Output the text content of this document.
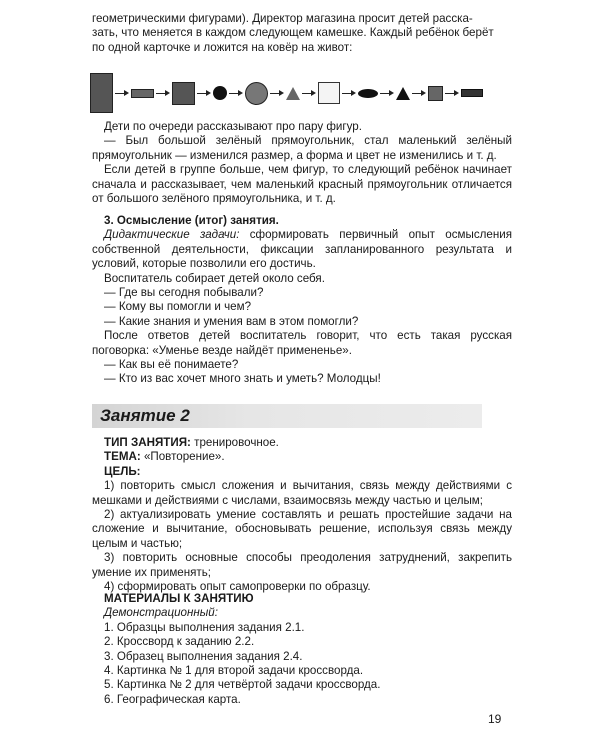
геометрическими фигурами). Директор магазина просит детей расска-

зать, что меняется в каждом следующем камешке. Каждый ребёнок берёт

по одной карточке и ложится на ковёр на живот:

Дети по очереди рассказывают про пару фигур.

— Был большой зелёный прямоугольник, стал маленький зелёный прямоугольник — изменился размер, а форма и цвет не изменились и т. д.

Если детей в группе больше, чем фигур, то следующий ребёнок начинает сначала и рассказывает, чем маленький красный прямоугольник отличается от большого зелёного прямоугольника, и т. д.

3. Осмысление (итог) занятия.

Дидактические задачи: сформировать первичный опыт осмысления собственной деятельности, фиксации запланированного результата и условий, которые позволили его достичь.

Воспитатель собирает детей около себя.

— Где вы сегодня побывали?

— Кому вы помогли и чем?

— Какие знания и умения вам в этом помогли?

После ответов детей воспитатель говорит, что есть такая русская поговорка: «Уменье везде найдёт примененье».

— Как вы её понимаете?

— Кто из вас хочет много знать и уметь? Молодцы!

Занятие 2

ТИП ЗАНЯТИЯ: тренировочное.

ТЕМА: «Повторение».

ЦЕЛЬ:

1) повторить смысл сложения и вычитания, связь между действиями с мешками и действиями с числами, взаимосвязь между частью и целым;

2) актуализировать умение составлять и решать простейшие задачи на сложение и вычитание, обосновывать решение, используя связь между целым и частью;

3) повторить основные способы преодоления затруднений, закрепить умение их применять;

4) сформировать опыт самопроверки по образцу.

МАТЕРИАЛЫ К ЗАНЯТИЮ

Демонстрационный:

1. Образцы выполнения задания 2.1.

2. Кроссворд к заданию 2.2.

3. Образец выполнения задания 2.4.

4. Картинка № 1 для второй задачи кроссворда.

5. Картинка № 2 для четвёртой задачи кроссворда.

6. Географическая карта.

19
